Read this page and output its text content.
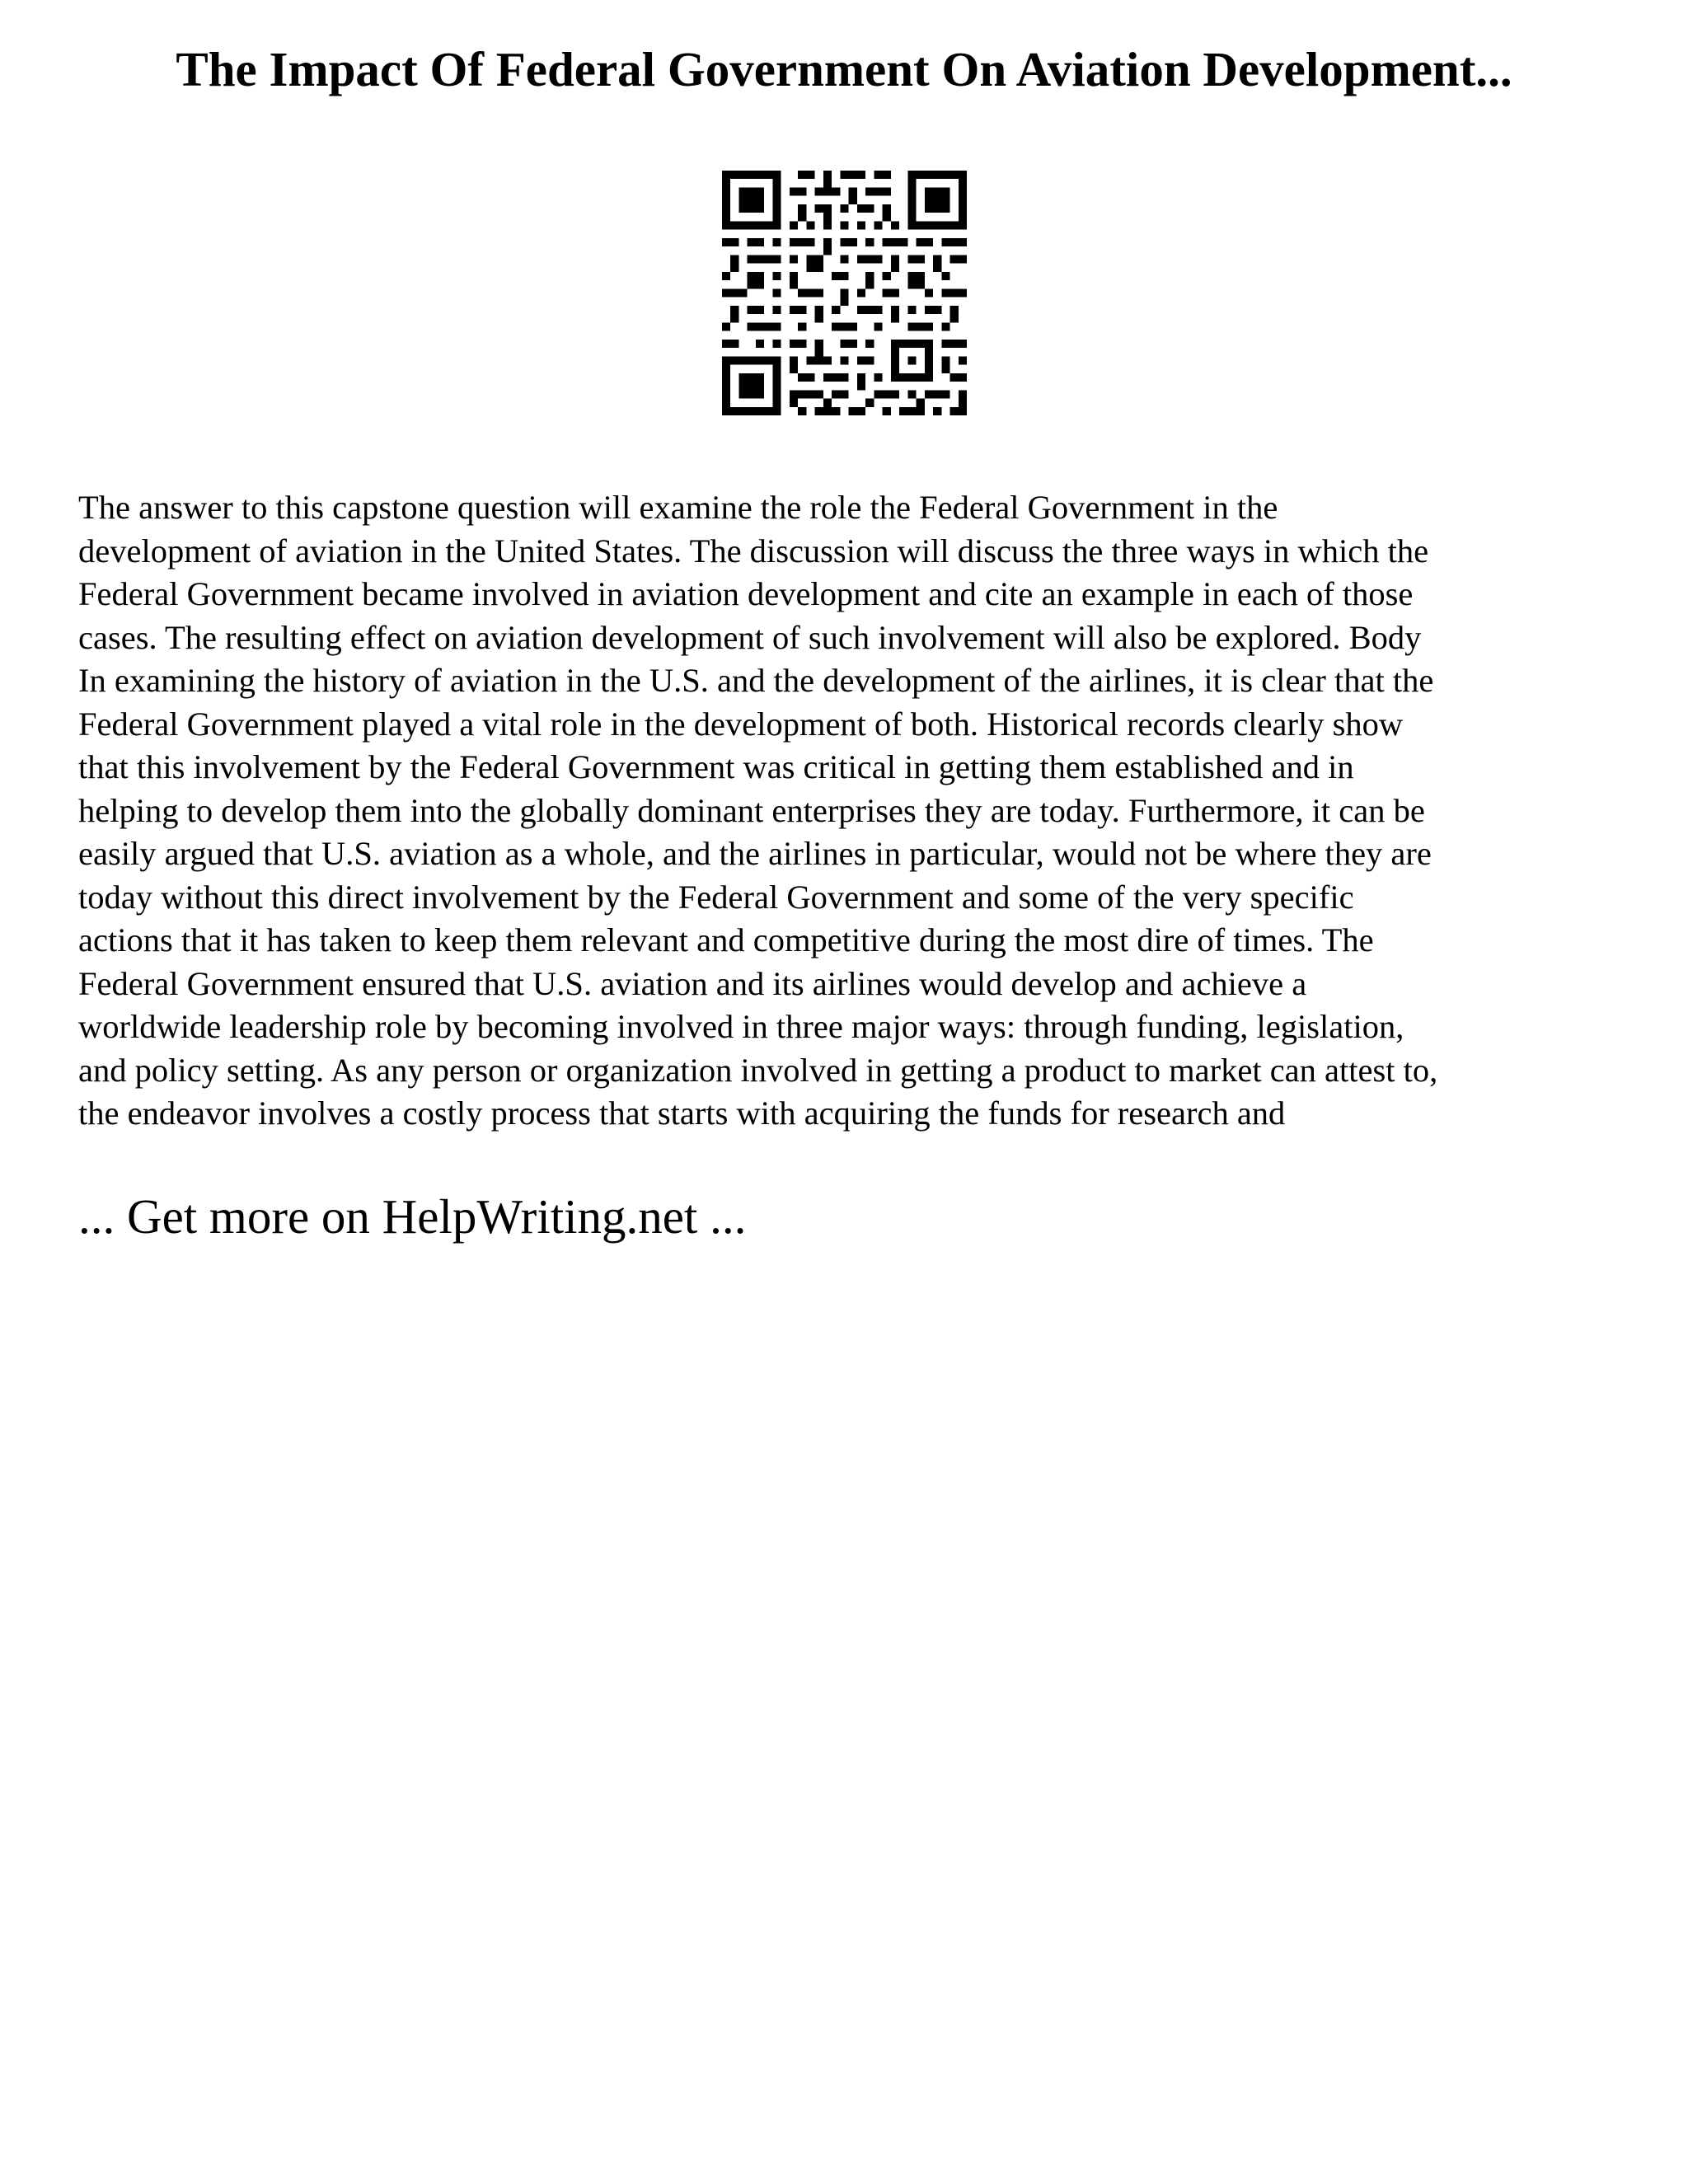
The Impact Of Federal Government On Aviation Development...

The answer to this capstone question will examine the role the Federal Government in the
development of aviation in the United States. The discussion will discuss the three ways in which the
Federal Government became involved in aviation development and cite an example in each of those
cases. The resulting effect on aviation development of such involvement will also be explored. Body
In examining the history of aviation in the U.S. and the development of the airlines, it is clear that the
Federal Government played a vital role in the development of both. Historical records clearly show
that this involvement by the Federal Government was critical in getting them established and in
helping to develop them into the globally dominant enterprises they are today. Furthermore, it can be
easily argued that U.S. aviation as a whole, and the airlines in particular, would not be where they are
today without this direct involvement by the Federal Government and some of the very specific
actions that it has taken to keep them relevant and competitive during the most dire of times. The
Federal Government ensured that U.S. aviation and its airlines would develop and achieve a
worldwide leadership role by becoming involved in three major ways: through funding, legislation,
and policy setting. As any person or organization involved in getting a product to market can attest to,
the endeavor involves a costly process that starts with acquiring the funds for research and

... Get more on HelpWriting.net ...
